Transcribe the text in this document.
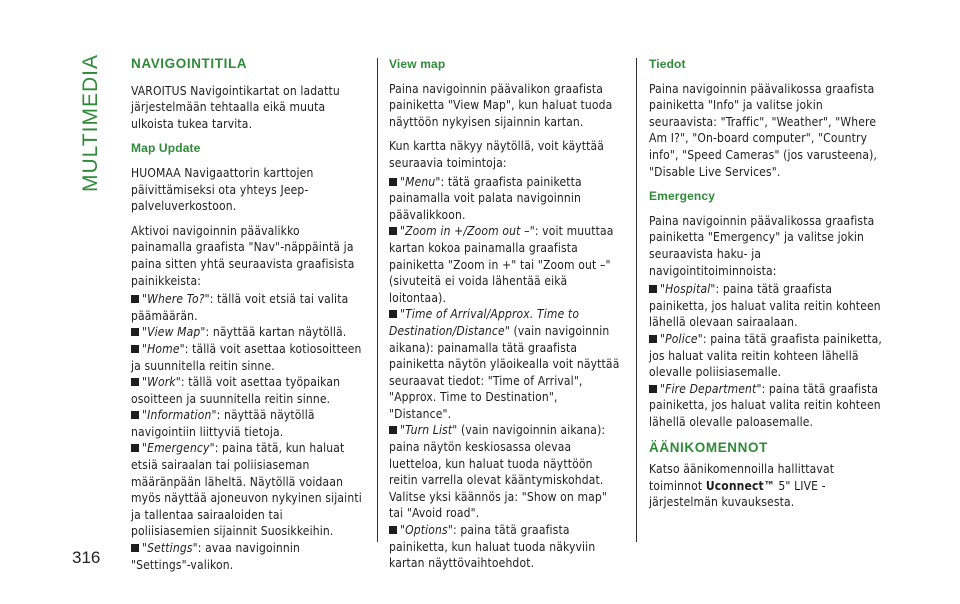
MULTIMEDIA
316
NAVIGOINTITILA

VAROITUS Navigointikartat on ladattu järjestelmään tehtaalla eikä muuta ulkoista tukea tarvita.

Map Update

HUOMAA Navigaattorin karttojen päivittämiseksi ota yhteys Jeep-palveluverkostoon.

Aktivoi navigoinnin päävalikko painamalla graafista "Nav"-näppäintä ja paina sitten yhtä seuraavista graafisista painikkeista:

"Where To?": tällä voit etsiä tai valita päämäärän.
"View Map": näyttää kartan näytöllä.
"Home": tällä voit asettaa kotiosoitteen ja suunnitella reitin sinne.
"Work": tällä voit asettaa työpaikan osoitteen ja suunnitella reitin sinne.
"Information": näyttää näytöllä navigointiin liittyviä tietoja.
"Emergency": paina tätä, kun haluat etsiä sairaalan tai poliisiaseman määränpään läheltä. Näytöllä voidaan myös näyttää ajoneuvon nykyinen sijainti ja tallentaa sairaaloiden tai poliisiasemien sijainnit Suosikkeihin.
"Settings": avaa navigoinnin "Settings"-valikon.
View map

Paina navigoinnin päävalikon graafista painiketta "View Map", kun haluat tuoda näyttöön nykyisen sijainnin kartan.

Kun kartta näkyy näytöllä, voit käyttää seuraavia toimintoja:

"Menu": tätä graafista painiketta painamalla voit palata navigoinnin päävalikkoon.
"Zoom in +/Zoom out –": voit muuttaa kartan kokoa painamalla graafista painiketta "Zoom in +" tai "Zoom out –" (sivuteitä ei voida lähentää eikä loitontaa).
"Time of Arrival/Approx. Time to Destination/Distance" (vain navigoinnin aikana): painamalla tätä graafista painiketta näytön yläoikealla voit näyttää seuraavat tiedot: "Time of Arrival", "Approx. Time to Destination", "Distance".
"Turn List" (vain navigoinnin aikana): paina näytön keskiosassa olevaa luetteloa, kun haluat tuoda näyttöön reitin varrella olevat kääntymiskohdat. Valitse yksi käännös ja: "Show on map" tai "Avoid road".
"Options": paina tätä graafista painiketta, kun haluat tuoda näkyviin kartan näyttövaihtoehdot.
Tiedot

Paina navigoinnin päävalikossa graafista painiketta "Info" ja valitse jokin seuraavista: "Traffic", "Weather", "Where Am I?", "On-board computer", "Country info", "Speed Cameras" (jos varusteena), "Disable Live Services".

Emergency

Paina navigoinnin päävalikossa graafista painiketta "Emergency" ja valitse jokin seuraavista haku- ja navigointitoiminnoista:

"Hospital": paina tätä graafista painiketta, jos haluat valita reitin kohteen lähellä olevaan sairaalaan.
"Police": paina tätä graafista painiketta, jos haluat valita reitin kohteen lähellä olevalle poliisiasemalle.
"Fire Department": paina tätä graafista painiketta, jos haluat valita reitin kohteen lähellä olevalle paloasemalle.
ÄÄNIKOMENNOT

Katso äänikomennoilla hallittavat toiminnot Uconnect™ 5" LIVE -järjestelmän kuvauksesta.
